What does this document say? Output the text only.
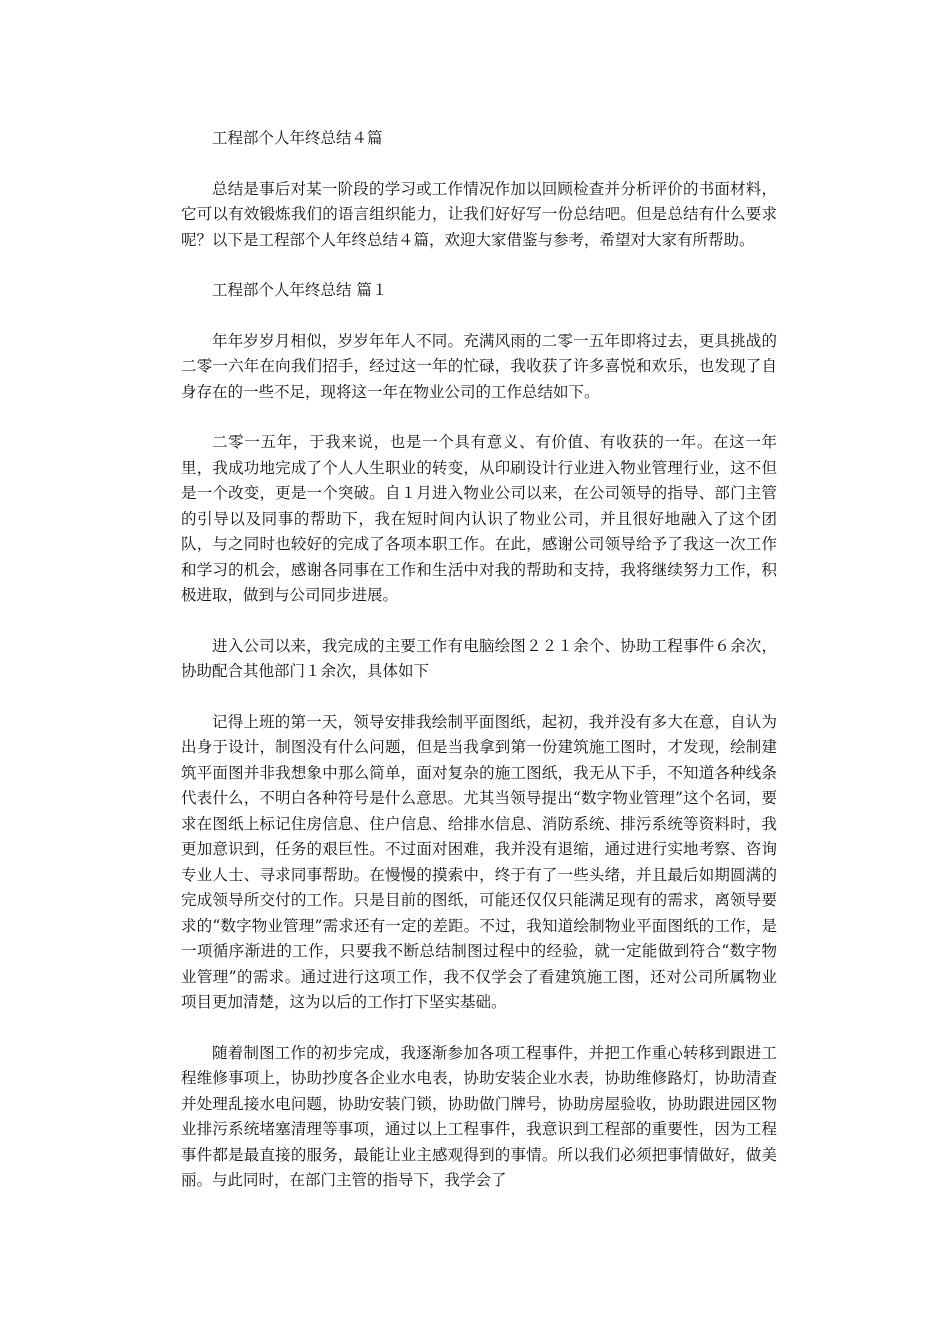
工程部个人年终总结４篇

总结是事后对某一阶段的学习或工作情况作加以回顾检查并分析评价的书面材料，它可以有效锻炼我们的语言组织能力，让我们好好写一份总结吧。但是总结有什么要求呢？以下是工程部个人年终总结４篇，欢迎大家借鉴与参考，希望对大家有所帮助。

工程部个人年终总结 篇１

年年岁岁月相似，岁岁年年人不同。充满风雨的二零一五年即将过去，更具挑战的二零一六年在向我们招手，经过这一年的忙碌，我收获了许多喜悦和欢乐，也发现了自身存在的一些不足，现将这一年在物业公司的工作总结如下。

二零一五年，于我来说，也是一个具有意义、有价值、有收获的一年。在这一年里，我成功地完成了个人人生职业的转变，从印刷设计行业进入物业管理行业，这不但是一个改变，更是一个突破。自１月进入物业公司以来，在公司领导的指导、部门主管的引导以及同事的帮助下，我在短时间内认识了物业公司，并且很好地融入了这个团队，与之同时也较好的完成了各项本职工作。在此，感谢公司领导给予了我这一次工作和学习的机会，感谢各同事在工作和生活中对我的帮助和支持，我将继续努力工作，积极进取，做到与公司同步进展。

进入公司以来，我完成的主要工作有电脑绘图２２１余个、协助工程事件６余次，协助配合其他部门１余次，具体如下

记得上班的第一天，领导安排我绘制平面图纸，起初，我并没有多大在意，自认为出身于设计，制图没有什么问题，但是当我拿到第一份建筑施工图时，才发现，绘制建筑平面图并非我想象中那么简单，面对复杂的施工图纸，我无从下手，不知道各种线条代表什么，不明白各种符号是什么意思。尤其当领导提出“数字物业管理”这个名词，要求在图纸上标记住房信息、住户信息、给排水信息、消防系统、排污系统等资料时，我更加意识到，任务的艰巨性。不过面对困难，我并没有退缩，通过进行实地考察、咨询专业人士、寻求同事帮助。在慢慢的摸索中，终于有了一些头绪，并且最后如期圆满的完成领导所交付的工作。只是目前的图纸，可能还仅仅只能满足现有的需求，离领导要求的“数字物业管理”需求还有一定的差距。不过，我知道绘制物业平面图纸的工作，是一项循序渐进的工作，只要我不断总结制图过程中的经验，就一定能做到符合“数字物业管理”的需求。通过进行这项工作，我不仅学会了看建筑施工图，还对公司所属物业项目更加清楚，这为以后的工作打下坚实基础。

随着制图工作的初步完成，我逐渐参加各项工程事件，并把工作重心转移到跟进工程维修事项上，协助抄度各企业水电表，协助安装企业水表，协助维修路灯，协助清查并处理乱接水电问题，协助安装门锁，协助做门牌号，协助房屋验收，协助跟进园区物业排污系统堵塞清理等事项，通过以上工程事件，我意识到工程部的重要性，因为工程事件都是最直接的服务，最能让业主感观得到的事情。所以我们必须把事情做好，做美丽。与此同时，在部门主管的指导下，我学会了
